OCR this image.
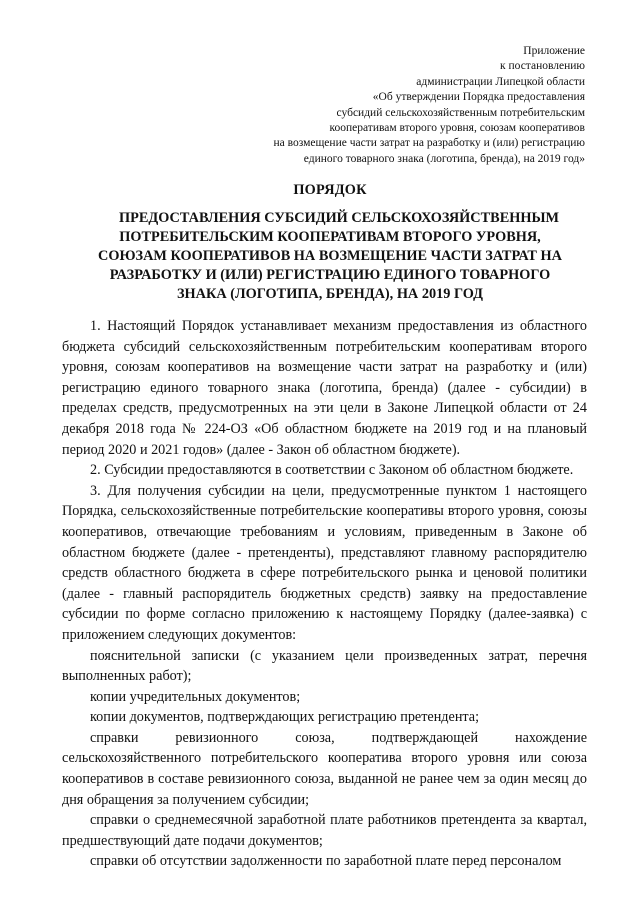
Приложение
к постановлению
администрации Липецкой области
«Об утверждении Порядка предоставления
субсидий сельскохозяйственным потребительским
кооперативам второго уровня, союзам кооперативов
на возмещение части затрат на разработку и (или) регистрацию
единого товарного знака (логотипа, бренда), на 2019 год»
ПОРЯДОК
ПРЕДОСТАВЛЕНИЯ СУБСИДИЙ СЕЛЬСКОХОЗЯЙСТВЕННЫМ
ПОТРЕБИТЕЛЬСКИМ КООПЕРАТИВАМ ВТОРОГО УРОВНЯ,
СОЮЗАМ КООПЕРАТИВОВ НА ВОЗМЕЩЕНИЕ ЧАСТИ ЗАТРАТ НА
РАЗРАБОТКУ И (ИЛИ) РЕГИСТРАЦИЮ ЕДИНОГО ТОВАРНОГО
ЗНАКА (ЛОГОТИПА, БРЕНДА), НА 2019 ГОД

1. Настоящий Порядок устанавливает механизм предоставления из областного бюджета субсидий сельскохозяйственным потребительским кооперативам второго уровня, союзам кооперативов на возмещение части затрат на разработку и (или) регистрацию единого товарного знака (логотипа, бренда) (далее - субсидии) в пределах средств, предусмотренных на эти цели в Законе Липецкой области от 24 декабря 2018 года № 224-ОЗ «Об областном бюджете на 2019 год и на плановый период 2020 и 2021 годов» (далее - Закон об областном бюджете).

2. Субсидии предоставляются в соответствии с Законом об областном бюджете.

3. Для получения субсидии на цели, предусмотренные пунктом 1 настоящего Порядка, сельскохозяйственные потребительские кооперативы второго уровня, союзы кооперативов, отвечающие требованиям и условиям, приведенным в Законе об областном бюджете (далее - претенденты), представляют главному распорядителю средств областного бюджета в сфере потребительского рынка и ценовой политики (далее - главный распорядитель бюджетных средств) заявку на предоставление субсидии по форме согласно приложению к настоящему Порядку (далее-заявка) с приложением следующих документов:

пояснительной записки (с указанием цели произведенных затрат, перечня выполненных работ);

копии учредительных документов;

копии документов, подтверждающих регистрацию претендента;

справки ревизионного союза, подтверждающей нахождение сельскохозяйственного потребительского кооператива второго уровня или союза кооперативов в составе ревизионного союза, выданной не ранее чем за один месяц до дня обращения за получением субсидии;

справки о среднемесячной заработной плате работников претендента за квартал, предшествующий дате подачи документов;

справки об отсутствии задолженности по заработной плате перед персоналом
